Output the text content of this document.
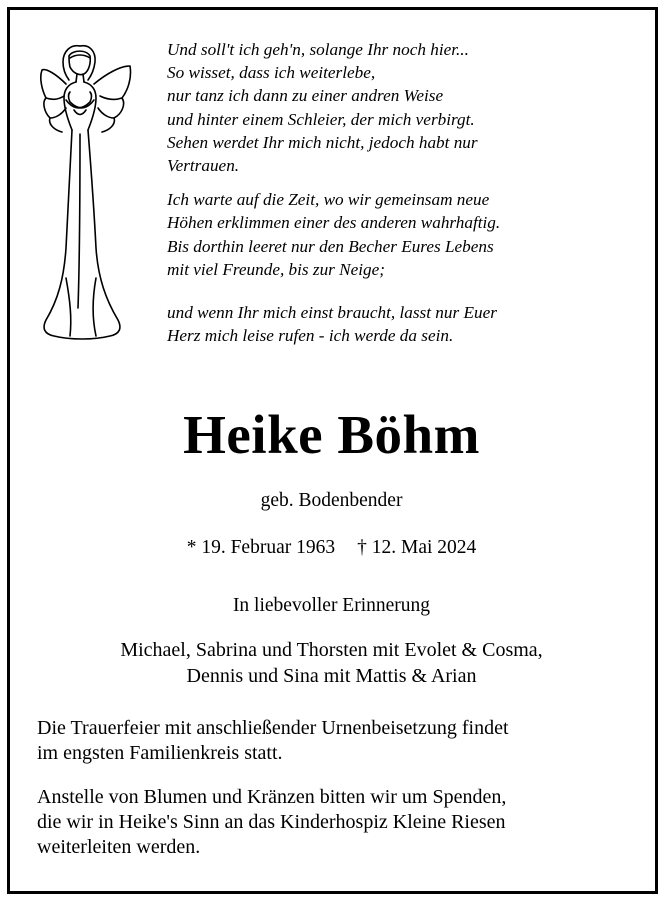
Und soll't ich geh'n, solange Ihr noch hier...
So wisset, dass ich weiterlebe,
nur tanz ich dann zu einer andren Weise
und hinter einem Schleier, der mich verbirgt.
Sehen werdet Ihr mich nicht, jedoch habt nur
Vertrauen.

Ich warte auf die Zeit, wo wir gemeinsam neue
Höhen erklimmen einer des anderen wahrhaftig.
Bis dorthin leeret nur den Becher Eures Lebens
mit viel Freunde, bis zur Neige;

und wenn Ihr mich einst braucht, lasst nur Euer
Herz mich leise rufen - ich werde da sein.

Heike Böhm
geb. Bodenbender
* 19. Februar 1963 † 12. Mai 2024
In liebevoller Erinnerung
Michael, Sabrina und Thorsten mit Evolet & Cosma,
Dennis und Sina mit Mattis & Arian
Die Trauerfeier mit anschließender Urnenbeisetzung findet
im engsten Familienkreis statt.
Anstelle von Blumen und Kränzen bitten wir um Spenden,
die wir in Heike's Sinn an das Kinderhospiz Kleine Riesen
weiterleiten werden.
